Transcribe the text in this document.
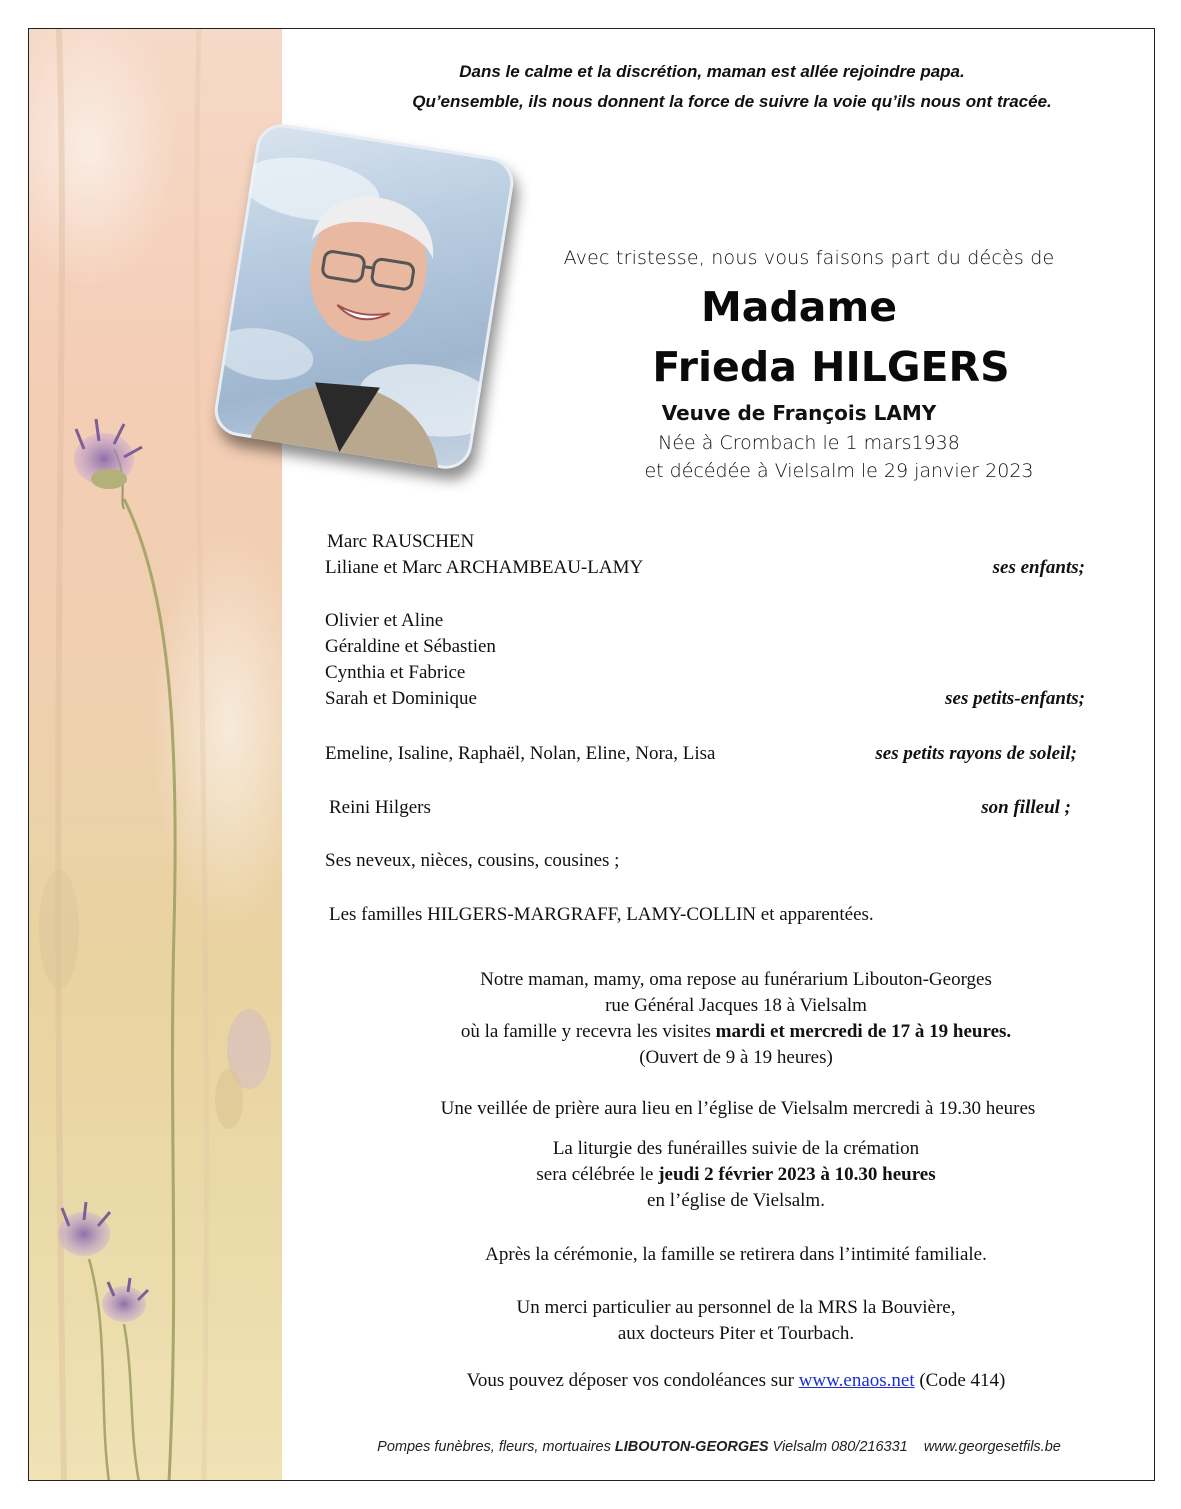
Dans le calme et la discrétion, maman est allée rejoindre papa.
Qu’ensemble, ils nous donnent la force de suivre la voie qu’ils nous ont tracée.
Avec tristesse, nous vous faisons part du décès de
Madame
Frieda HILGERS
Veuve de François LAMY
Née à Crombach le 1 mars1938
et décédée à Vielsalm le 29 janvier 2023
Marc RAUSCHEN
Liliane et Marc ARCHAMBEAU-LAMY	ses enfants;
Olivier et Aline
Géraldine et Sébastien
Cynthia et Fabrice
Sarah et Dominique	ses petits-enfants;
Emeline, Isaline, Raphaël, Nolan, Eline, Nora, Lisa	ses petits rayons de soleil;
Reini Hilgers	son filleul ;
Ses neveux, nièces, cousins, cousines ;
Les familles HILGERS-MARGRAFF, LAMY-COLLIN et apparentées.
Notre maman, mamy, oma repose au funérarium Libouton-Georges
rue Général Jacques 18 à Vielsalm
où la famille y recevra les visites mardi et mercredi de 17 à 19 heures.
(Ouvert de 9 à 19 heures)
Une veillée de prière aura lieu en l’église de Vielsalm mercredi à 19.30 heures
La liturgie des funérailles suivie de la crémation
sera célébrée le jeudi 2 février 2023 à 10.30 heures
en l’église de Vielsalm.
Après la cérémonie, la famille se retirera dans l’intimité familiale.
Un merci particulier au personnel de la MRS la Bouvière,
aux docteurs Piter et Tourbach.
Vous pouvez déposer vos condoléances sur www.enaos.net (Code 414)
Pompes funèbres, fleurs, mortuaires LIBOUTON-GEORGES Vielsalm 080/216331    www.georgesetfils.be
